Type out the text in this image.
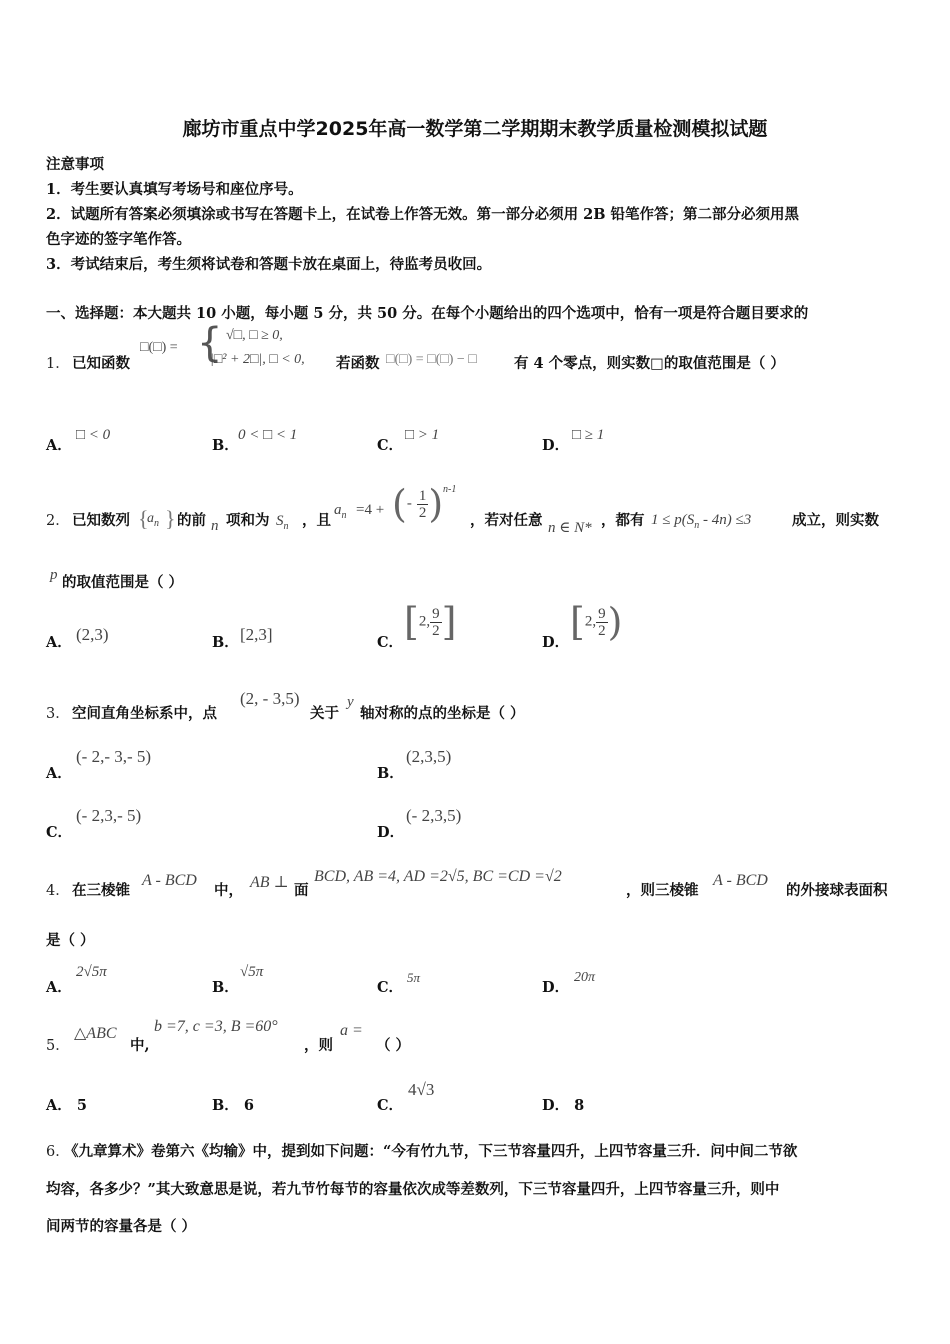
廊坊市重点中学2025年高一数学第二学期期末教学质量检测模拟试题
注意事项
1．考生要认真填写考场号和座位序号。
2．试题所有答案必须填涂或书写在答题卡上，在试卷上作答无效。第一部分必须用 2B 铅笔作答；第二部分必须用黑
色字迹的签字笔作答。
3．考试结束后，考生须将试卷和答题卡放在桌面上，待监考员收回。
一、选择题：本大题共 10 小题，每小题 5 分，共 50 分。在每个小题给出的四个选项中，恰有一项是符合题目要求的
1． 已知函数
□(□) = { √□, □ ≥ 0,
|□² + 2□|, □ < 0, 若函数 □(□) = □(□) − □	有 4 个零点，则实数□的取值范围是（ ）
A．
□ < 0
B．
0 < □ < 1
C．
□ > 1
D．
□ ≥ 1
2． 已知数列 {
$a_n$ } 的前 n 项和为 $S_n$ ，且
$a_n =4$ + (- $\frac{1}{2}$ ) n-1
，若对任意 n ∈ N* ，都有 $1 \le p(S_n - 4n) \le 3$	成立，则实数
p 的取值范围是（ ）
A． (2,3)	B． [2,3]	C． [2, $\frac{9}{2}$ ]	D． [2, $\frac{9}{2}$ )
3． 空间直角坐标系中，点
(2, - 3,5)
关于
y
轴对称的点的坐标是（ ）
A．
(- 2,- 3,- 5)
B．
(2,3,5)
C．
(- 2,3,- 5)
D．
(- 2,3,5)
4． 在三棱锥
A - BCD
中， AB ⊥ 面
BCD, AB =4, AD =2√5, BC =CD =√2
，则三棱锥
A - BCD
的外接球表面积
是（ ）
A．
2√5π
B．
√5π
C．
5π
D．
20π
5．
△ABC
中,
b =7, c =3, B =60°
，则
a =
（ ）
A． 5	B． 6	C．
4√3
D． 8
6．
《九章算术》卷第六《均输》中，提到如下问题：“今有竹九节，下三节容量四升，上四节容量三升．问中间二节欲
均容，各多少？”其大致意思是说，若九节竹每节的容量依次成等差数列，下三节容量四升，上四节容量三升，则中
间两节的容量各是（ ）
